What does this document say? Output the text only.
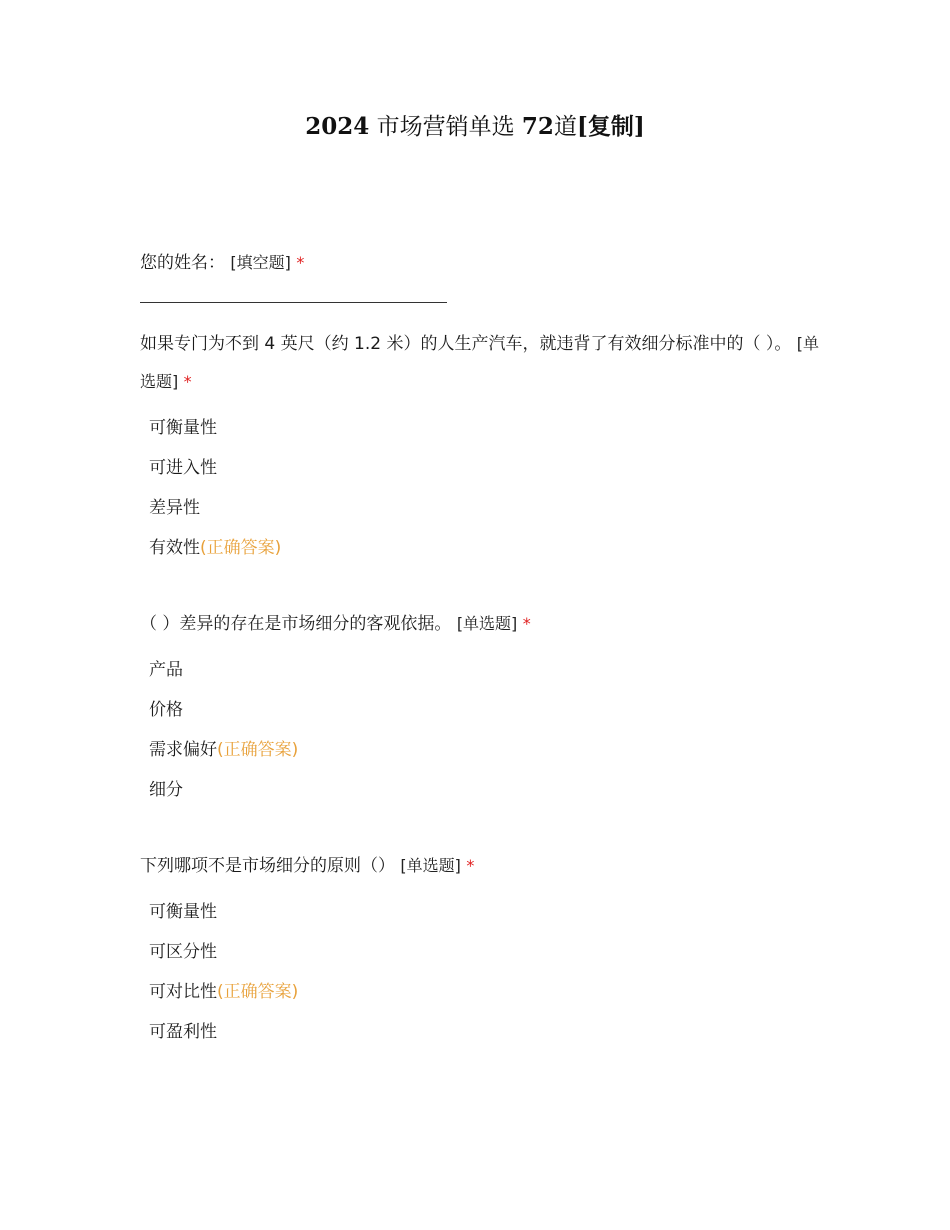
2024 市场营销单选 72道[复制]
您的姓名： [填空题] *
如果专门为不到 4 英尺（约 1.2 米）的人生产汽车，就违背了有效细分标准中的（ ）。 [单选题] *
可衡量性
可进入性
差异性
有效性(正确答案)
（ ）差异的存在是市场细分的客观依据。 [单选题] *
产品
价格
需求偏好(正确答案)
细分
下列哪项不是市场细分的原则（） [单选题] *
可衡量性
可区分性
可对比性(正确答案)
可盈利性
